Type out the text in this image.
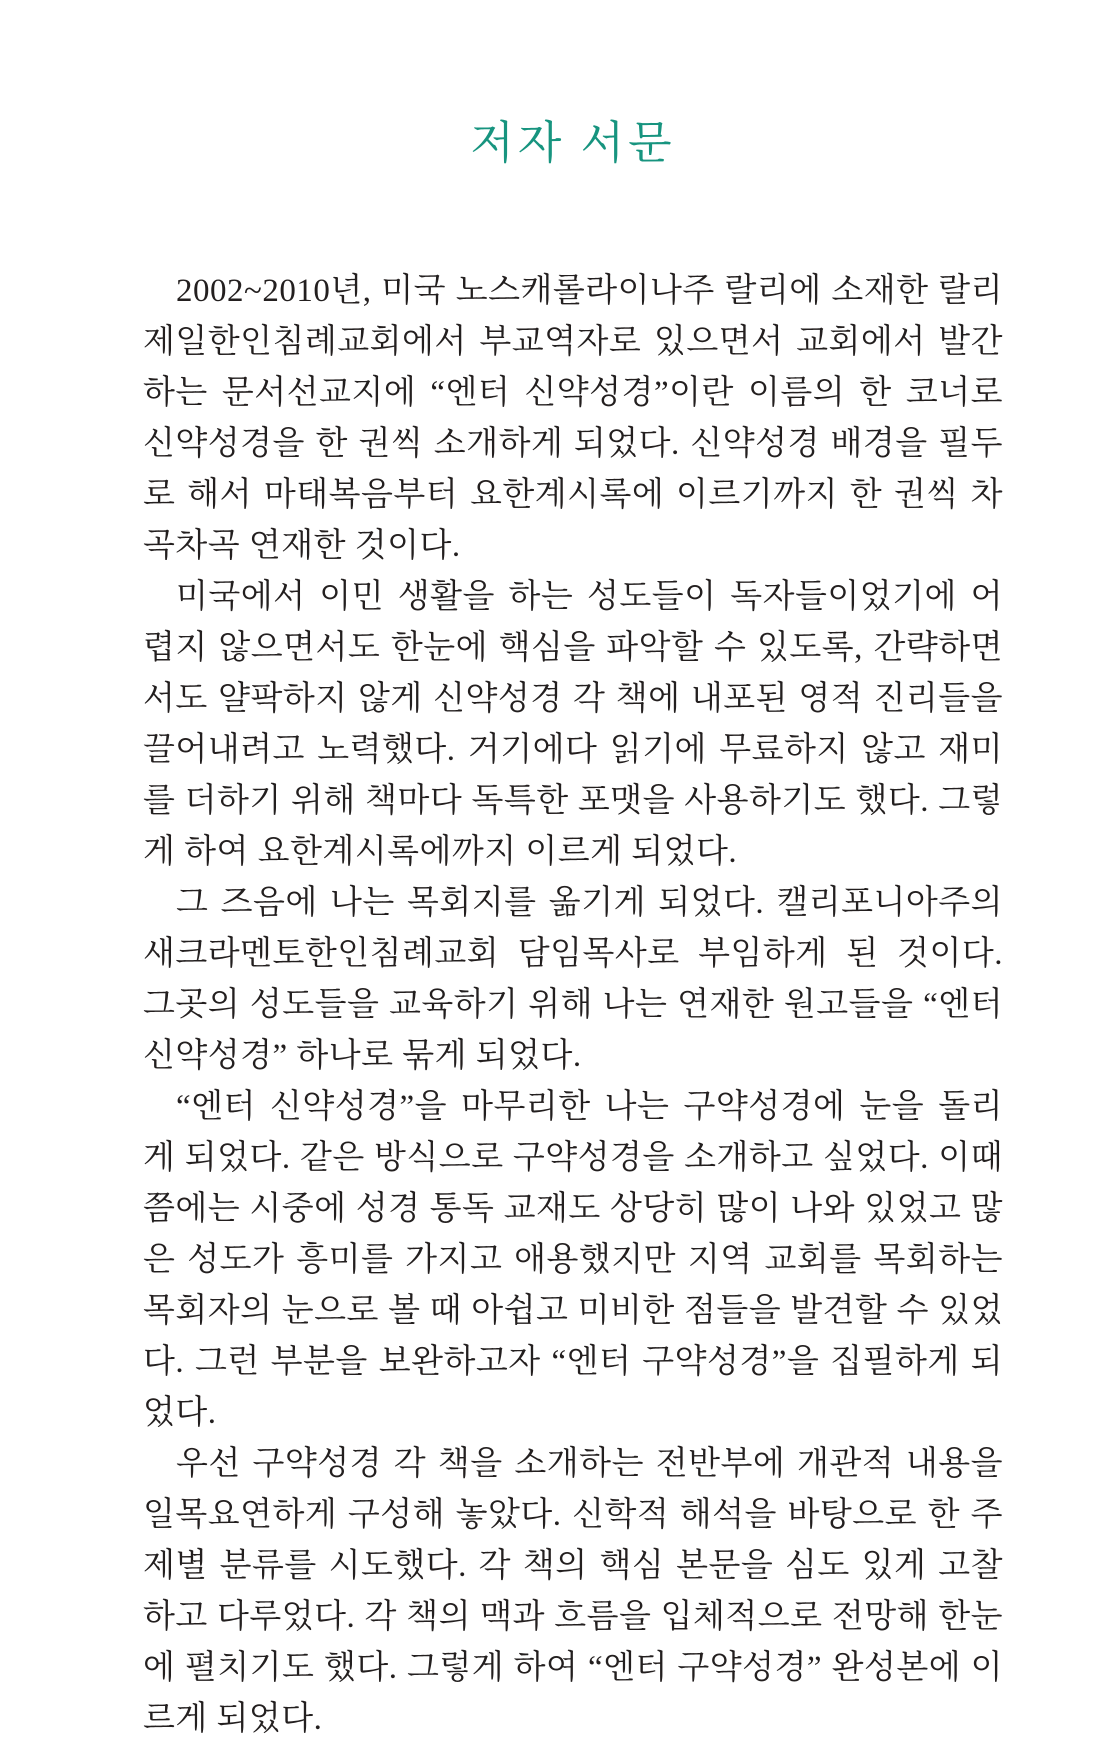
저자 서문

2002~2010년, 미국 노스캐롤라이나주 랄리에 소재한 랄리제일한인침례교회에서 부교역자로 있으면서 교회에서 발간하는 문서선교지에 “엔터 신약성경”이란 이름의 한 코너로 신약성경을 한 권씩 소개하게 되었다. 신약성경 배경을 필두로 해서 마태복음부터 요한계시록에 이르기까지 한 권씩 차곡차곡 연재한 것이다.

미국에서 이민 생활을 하는 성도들이 독자들이었기에 어렵지 않으면서도 한눈에 핵심을 파악할 수 있도록, 간략하면서도 얄팍하지 않게 신약성경 각 책에 내포된 영적 진리들을 끌어내려고 노력했다. 거기에다 읽기에 무료하지 않고 재미를 더하기 위해 책마다 독특한 포맷을 사용하기도 했다. 그렇게 하여 요한계시록에까지 이르게 되었다.

그 즈음에 나는 목회지를 옮기게 되었다. 캘리포니아주의 새크라멘토한인침례교회 담임목사로 부임하게 된 것이다. 그곳의 성도들을 교육하기 위해 나는 연재한 원고들을 “엔터 신약성경” 하나로 묶게 되었다.

“엔터 신약성경”을 마무리한 나는 구약성경에 눈을 돌리게 되었다. 같은 방식으로 구약성경을 소개하고 싶었다. 이때 쯤에는 시중에 성경 통독 교재도 상당히 많이 나와 있었고 많은 성도가 흥미를 가지고 애용했지만 지역 교회를 목회하는 목회자의 눈으로 볼 때 아쉽고 미비한 점들을 발견할 수 있었다. 그런 부분을 보완하고자 “엔터 구약성경”을 집필하게 되었다.

우선 구약성경 각 책을 소개하는 전반부에 개관적 내용을 일목요연하게 구성해 놓았다. 신학적 해석을 바탕으로 한 주제별 분류를 시도했다. 각 책의 핵심 본문을 심도 있게 고찰하고 다루었다. 각 책의 맥과 흐름을 입체적으로 전망해 한눈에 펼치기도 했다. 그렇게 하여 “엔터 구약성경” 완성본에 이르게 되었다.
